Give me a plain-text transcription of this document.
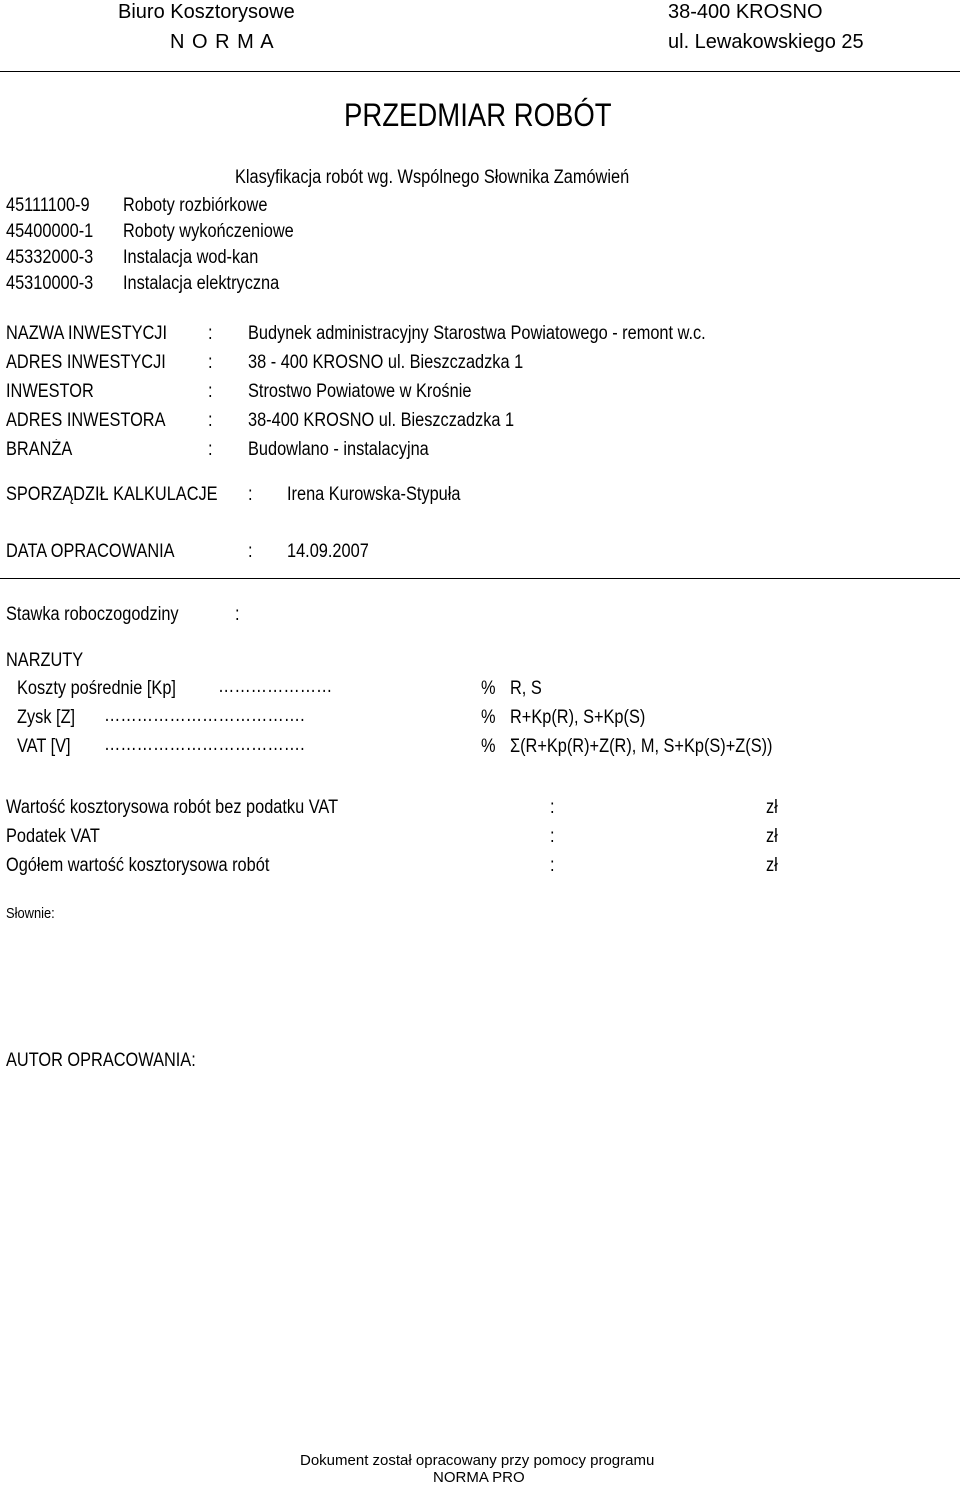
Biuro Kosztorysowe
N O R M A
38-400 KROSNO
ul. Lewakowskiego 25
PRZEDMIAR ROBÓT
Klasyfikacja robót wg. Wspólnego Słownika Zamówień
45111100-9 Roboty rozbiórkowe
45400000-1 Roboty wykończeniowe
45332000-3 Instalacja wod-kan
45310000-3 Instalacja elektryczna
NAZWA INWESTYCJI : Budynek administracyjny Starostwa Powiatowego - remont w.c.
ADRES INWESTYCJI : 38 - 400 KROSNO ul. Bieszczadzka 1
INWESTOR	: Strostwo Powiatowe w Krośnie
ADRES INWESTORA : 38-400 KROSNO ul. Bieszczadzka 1
BRANŻA	: Budowlano - instalacyjna
SPORZĄDZIŁ KALKULACJE : Irena Kurowska-Stypuła
DATA OPRACOWANIA	: 14.09.2007
Stawka roboczogodziny	:
NARZUTY
Koszty pośrednie [Kp] …………………	% R, S
Zysk [Z] ……………………………….	% R+Kp(R), S+Kp(S)
VAT [V] ……………………………….	% Σ(R+Kp(R)+Z(R), M, S+Kp(S)+Z(S))
Wartość kosztorysowa robót bez podatku VAT	:	zł
Podatek VAT	:	zł
Ogółem wartość kosztorysowa robót	:	zł
Słownie:
AUTOR OPRACOWANIA:
Dokument został opracowany przy pomocy programu
NORMA PRO
